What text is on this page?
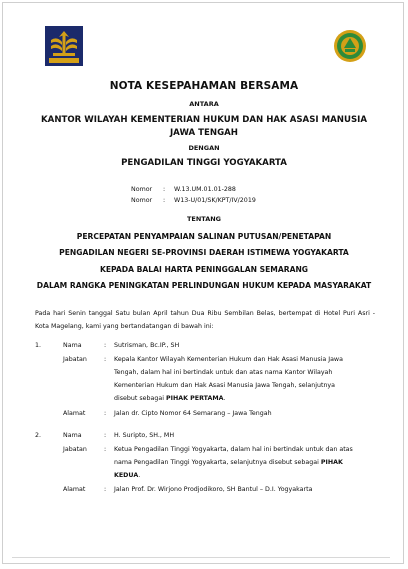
NOTA KESEPAHAMAN BERSAMA
ANTARA
KANTOR WILAYAH KEMENTERIAN HUKUM DAN HAK ASASI MANUSIA
JAWA TENGAH
DENGAN
PENGADILAN TINGGI YOGYAKARTA
Nomor : W.13.UM.01.01-288
Nomor : W13-U/01/SK/KPT/IV/2019
TENTANG
PERCEPATAN PENYAMPAIAN SALINAN PUTUSAN/PENETAPAN
PENGADILAN NEGERI SE-PROVINSI DAERAH ISTIMEWA YOGYAKARTA
KEPADA BALAI HARTA PENINGGALAN SEMARANG
DALAM RANGKA PENINGKATAN PERLINDUNGAN HUKUM KEPADA MASYARAKAT
Pada hari Senin tanggal Satu bulan April tahun Dua Ribu Sembilan Belas, bertempat di Hotel Puri Asri - Kota Magelang, kami yang bertandatangan di bawah ini:
1.	Nama	: Sutrisman, Bc.IP., SH
Jabatan	: Kepala Kantor Wilayah Kementerian Hukum dan Hak Asasi Manusia Jawa
Tengah, dalam hal ini bertindak untuk dan atas nama Kantor Wilayah
Kementerian Hukum dan Hak Asasi Manusia Jawa Tengah, selanjutnya
disebut sebagai PIHAK PERTAMA.
Alamat	: Jalan dr. Cipto Nomor 64 Semarang – Jawa Tengah
2.	Nama	: H. Suripto, SH., MH
Jabatan	: Ketua Pengadilan Tinggi Yogyakarta, dalam hal ini bertindak untuk dan atas
nama Pengadilan Tinggi Yogyakarta, selanjutnya disebut sebagai PIHAK
KEDUA.
Alamat	: Jalan Prof. Dr. Wirjono Prodjodikoro, SH Bantul – D.I. Yogyakarta
